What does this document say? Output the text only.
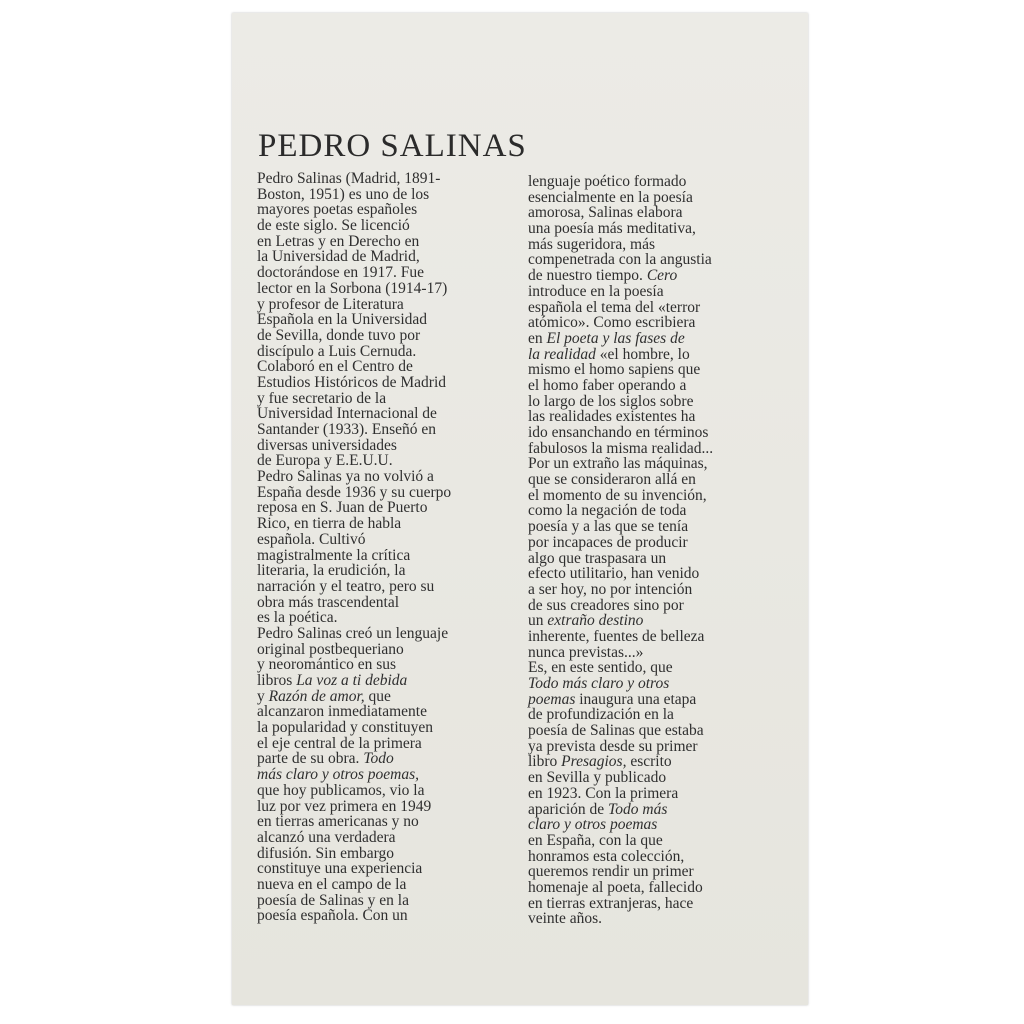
PEDRO SALINAS
Pedro Salinas (Madrid, 1891-
Boston, 1951) es uno de los
mayores poetas españoles
de este siglo. Se licenció
en Letras y en Derecho en
la Universidad de Madrid,
doctorándose en 1917. Fue
lector en la Sorbona (1914-17)
y profesor de Literatura
Española en la Universidad
de Sevilla, donde tuvo por
discípulo a Luis Cernuda.
Colaboró en el Centro de
Estudios Históricos de Madrid
y fue secretario de la
Universidad Internacional de
Santander (1933). Enseñó en
diversas universidades
de Europa y E.E.U.U.
Pedro Salinas ya no volvió a
España desde 1936 y su cuerpo
reposa en S. Juan de Puerto
Rico, en tierra de habla
española. Cultivó
magistralmente la crítica
literaria, la erudición, la
narración y el teatro, pero su
obra más trascendental
es la poética.
Pedro Salinas creó un lenguaje
original postbequeriano
y neoromántico en sus
libros La voz a ti debida
y Razón de amor, que
alcanzaron inmediatamente
la popularidad y constituyen
el eje central de la primera
parte de su obra. Todo
más claro y otros poemas,
que hoy publicamos, vio la
luz por vez primera en 1949
en tierras americanas y no
alcanzó una verdadera
difusión. Sin embargo
constituye una experiencia
nueva en el campo de la
poesía de Salinas y en la
poesía española. Con un
lenguaje poético formado
esencialmente en la poesía
amorosa, Salinas elabora
una poesía más meditativa,
más sugeridora, más
compenetrada con la angustia
de nuestro tiempo. Cero
introduce en la poesía
española el tema del «terror
atómico». Como escribiera
en El poeta y las fases de
la realidad «el hombre, lo
mismo el homo sapiens que
el homo faber operando a
lo largo de los siglos sobre
las realidades existentes ha
ido ensanchando en términos
fabulosos la misma realidad...
Por un extraño las máquinas,
que se consideraron allá en
el momento de su invención,
como la negación de toda
poesía y a las que se tenía
por incapaces de producir
algo que traspasara un
efecto utilitario, han venido
a ser hoy, no por intención
de sus creadores sino por
un extraño destino
inherente, fuentes de belleza
nunca previstas...»
Es, en este sentido, que
Todo más claro y otros
poemas inaugura una etapa
de profundización en la
poesía de Salinas que estaba
ya prevista desde su primer
libro Presagios, escrito
en Sevilla y publicado
en 1923. Con la primera
aparición de Todo más
claro y otros poemas
en España, con la que
honramos esta colección,
queremos rendir un primer
homenaje al poeta, fallecido
en tierras extranjeras, hace
veinte años.
